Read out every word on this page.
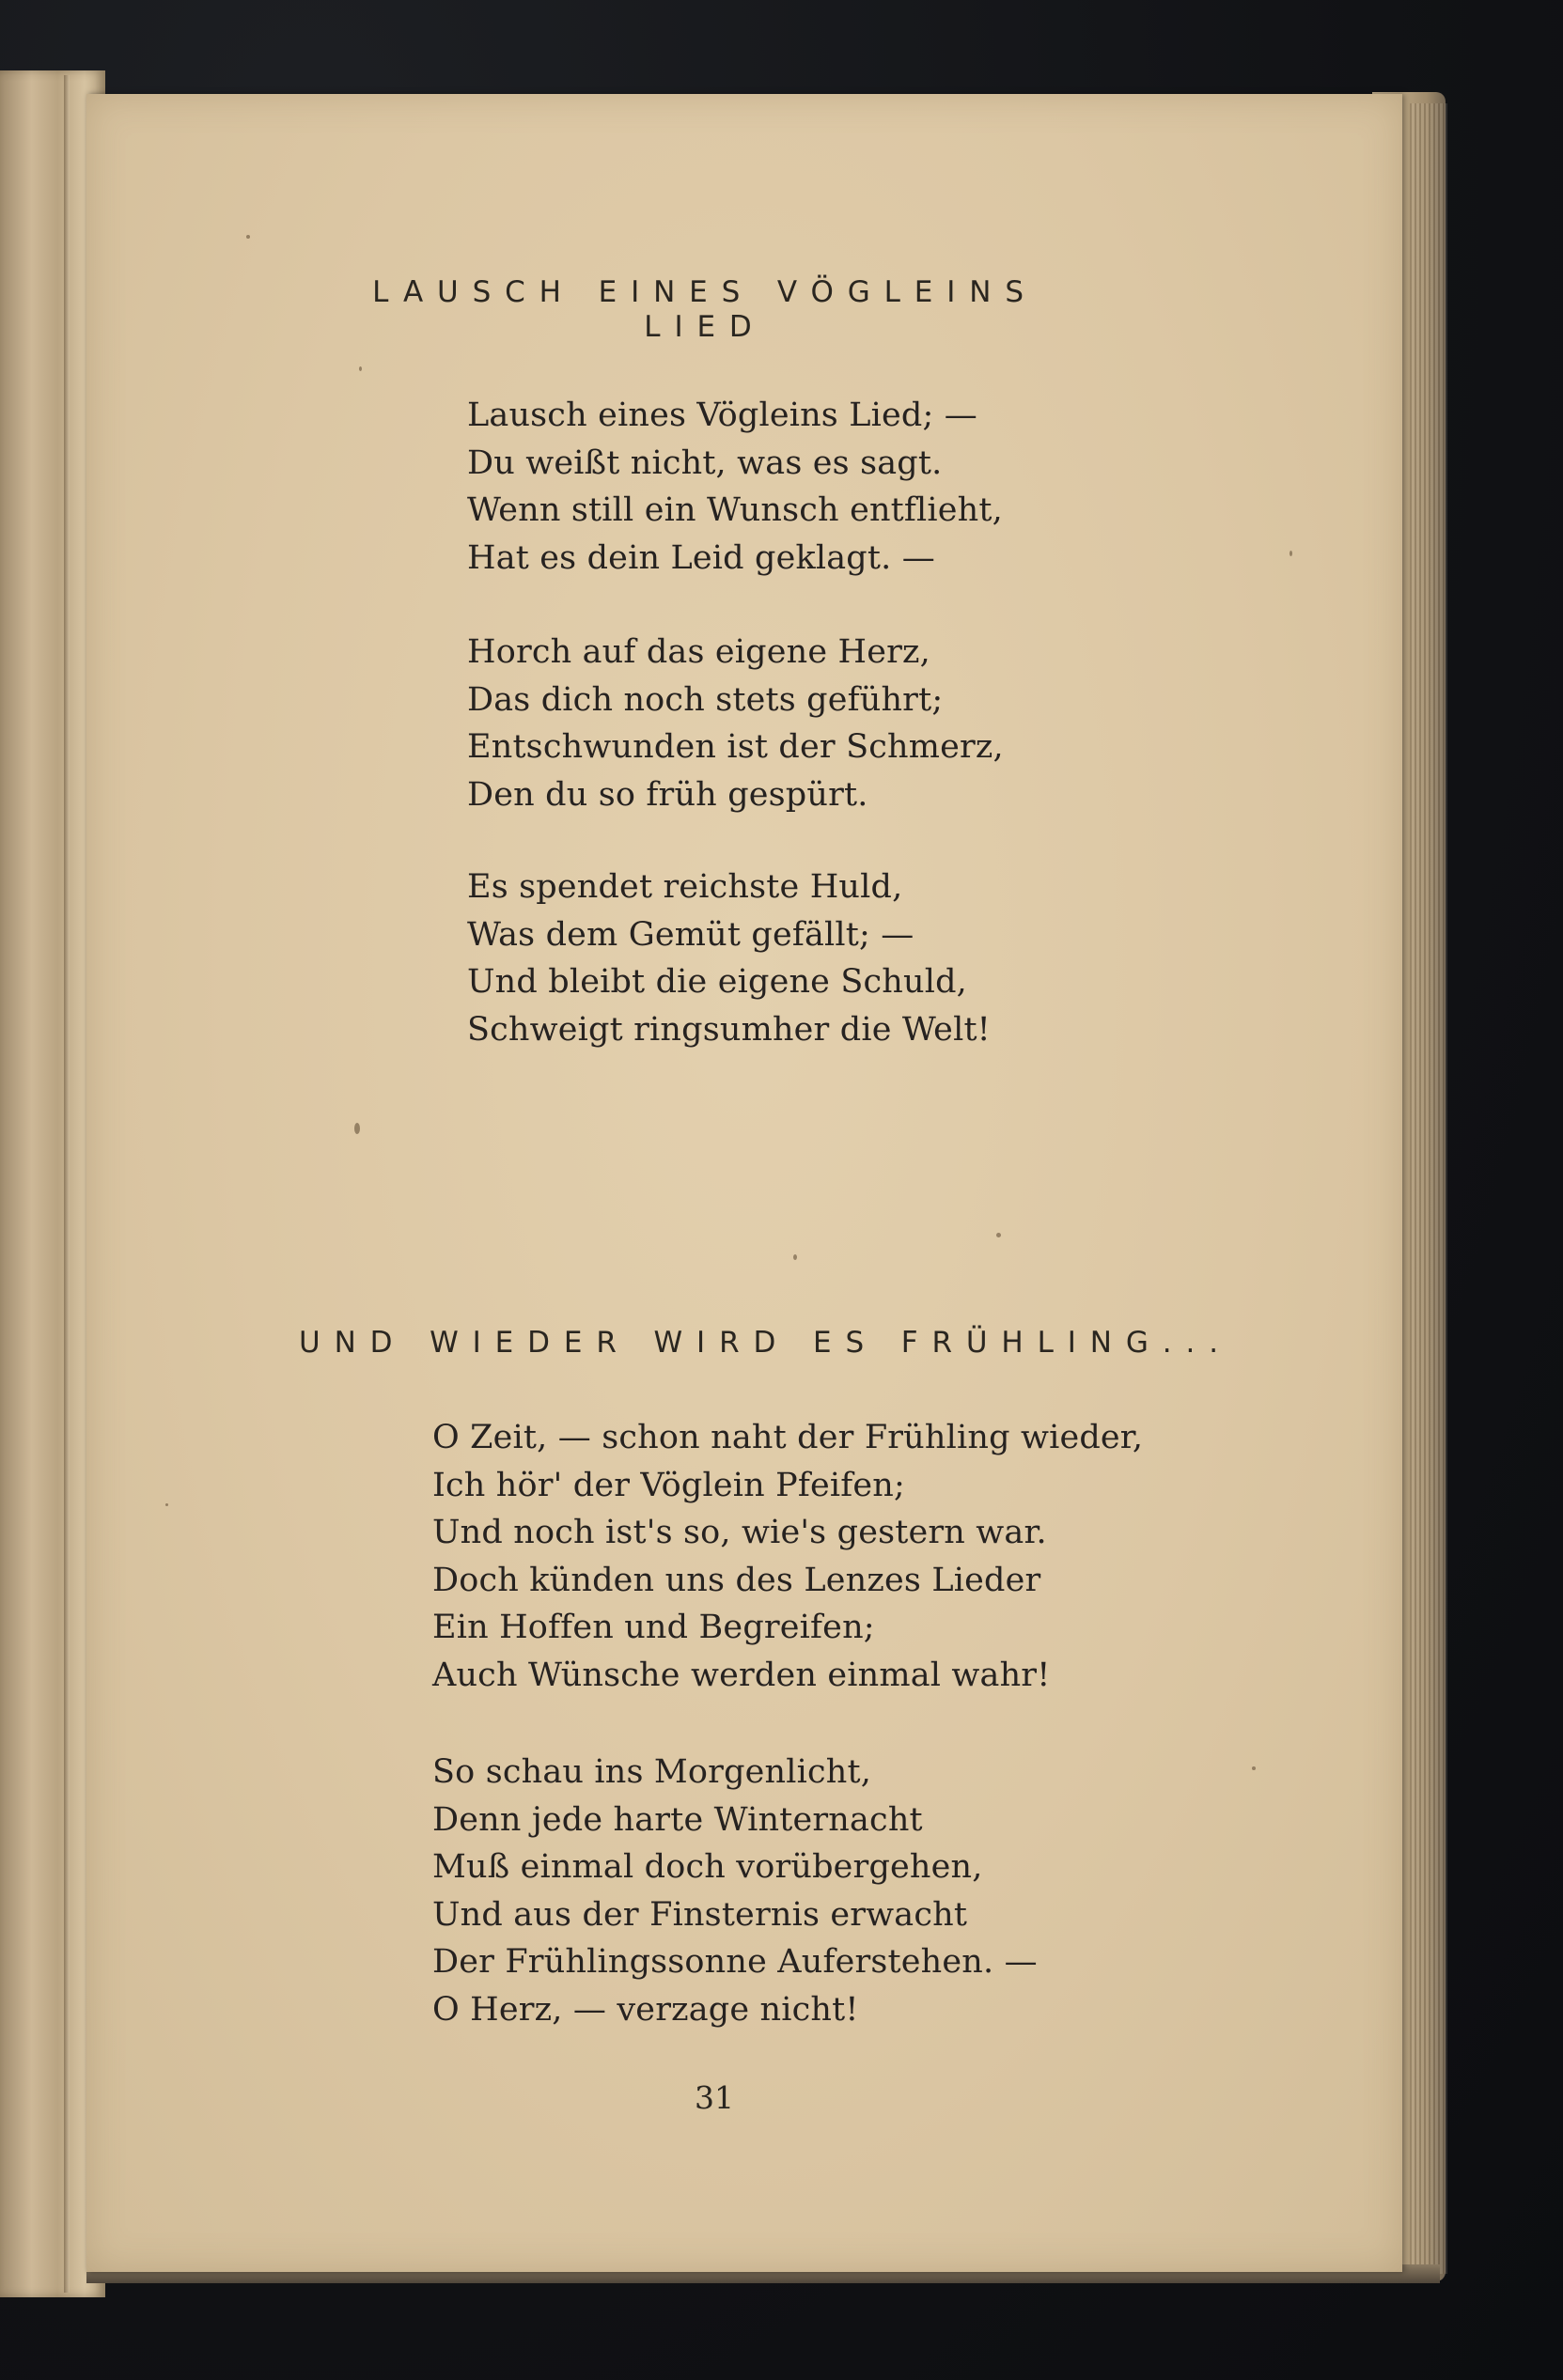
LAUSCH EINES VÖGLEINS
LIED
Lausch eines Vögleins Lied; —
Du weißt nicht, was es sagt.
Wenn still ein Wunsch entflieht,
Hat es dein Leid geklagt. —
Horch auf das eigene Herz,
Das dich noch stets geführt;
Entschwunden ist der Schmerz,
Den du so früh gespürt.
Es spendet reichste Huld,
Was dem Gemüt gefällt; —
Und bleibt die eigene Schuld,
Schweigt ringsumher die Welt!
UND WIEDER WIRD ES FRÜHLING...
O Zeit, — schon naht der Frühling wieder,
Ich hör' der Vöglein Pfeifen;
Und noch ist's so, wie's gestern war.
Doch künden uns des Lenzes Lieder
Ein Hoffen und Begreifen;
Auch Wünsche werden einmal wahr!
So schau ins Morgenlicht,
Denn jede harte Winternacht
Muß einmal doch vorübergehen,
Und aus der Finsternis erwacht
Der Frühlingssonne Auferstehen. —
O Herz, — verzage nicht!
31
